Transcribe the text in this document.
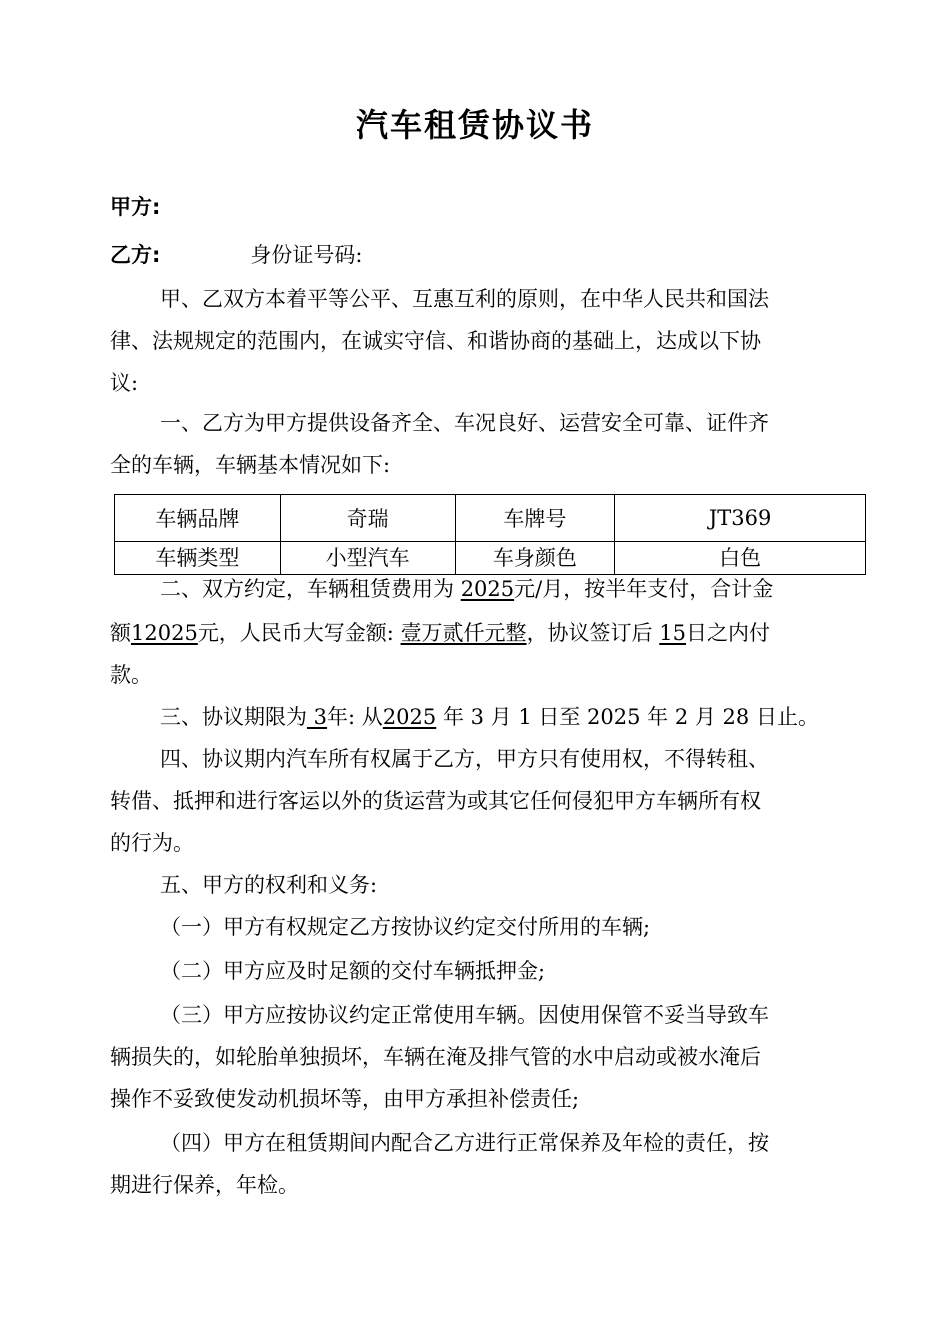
汽车租赁协议书
甲方:
乙方:	身份证号码:
甲、乙双方本着平等公平、互惠互利的原则，在中华人民共和国法
律、法规规定的范围内，在诚实守信、和谐协商的基础上，达成以下协
议:
一、乙方为甲方提供设备齐全、车况良好、运营安全可靠、证件齐
全的车辆，车辆基本情况如下:
车辆品牌	奇瑞	车牌号	JT369
车辆类型	小型汽车	车身颜色	白色
二、双方约定，车辆租赁费用为 2025元/月，按半年支付，合计金
额12025元，人民币大写金额: 壹万贰仟元整，协议签订后 15日之内付
款。
三、协议期限为 3年: 从2025 年 3 月 1 日至 2025 年 2 月 28 日止。
四、协议期内汽车所有权属于乙方，甲方只有使用权，不得转租、
转借、抵押和进行客运以外的货运营为或其它任何侵犯甲方车辆所有权
的行为。
五、甲方的权利和义务:
（一）甲方有权规定乙方按协议约定交付所用的车辆;
（二）甲方应及时足额的交付车辆抵押金;
（三）甲方应按协议约定正常使用车辆。因使用保管不妥当导致车
辆损失的，如轮胎单独损坏，车辆在淹及排气管的水中启动或被水淹后
操作不妥致使发动机损坏等，由甲方承担补偿责任;
（四）甲方在租赁期间内配合乙方进行正常保养及年检的责任，按
期进行保养，年检。
